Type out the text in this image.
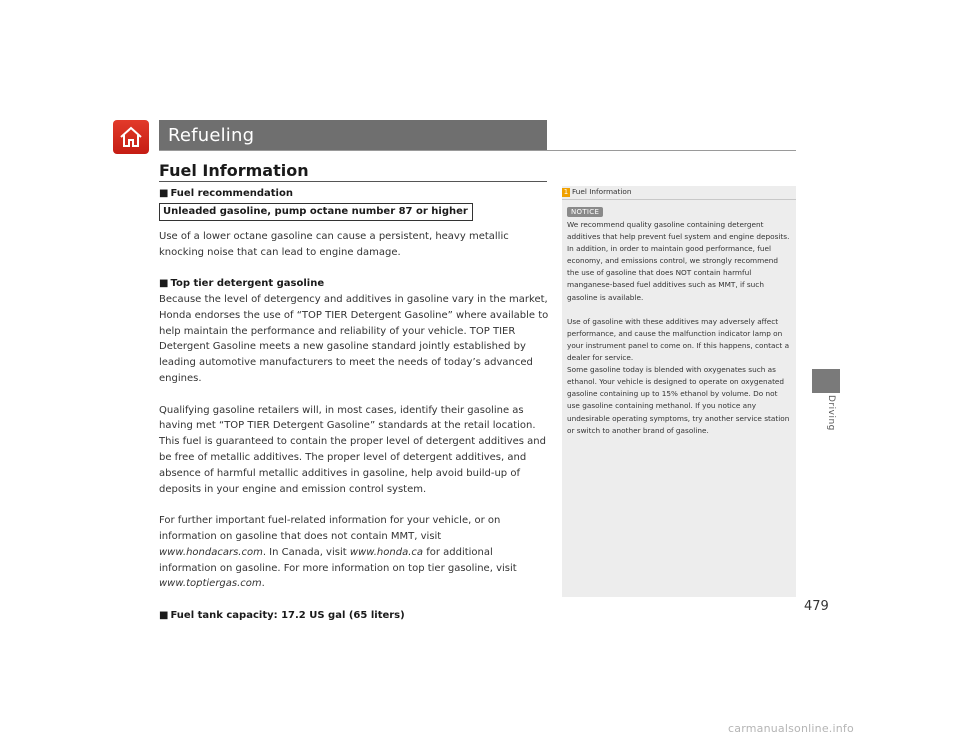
Refueling
Fuel Information

■ Fuel recommendation

Unleaded gasoline, pump octane number 87 or higher

Use of a lower octane gasoline can cause a persistent, heavy metallic knocking noise that can lead to engine damage.

■ Top tier detergent gasoline

Because the level of detergency and additives in gasoline vary in the market, Honda endorses the use of “TOP TIER Detergent Gasoline” where available to help maintain the performance and reliability of your vehicle. TOP TIER Detergent Gasoline meets a new gasoline standard jointly established by leading automotive manufacturers to meet the needs of today’s advanced engines.

Qualifying gasoline retailers will, in most cases, identify their gasoline as having met “TOP TIER Detergent Gasoline” standards at the retail location. This fuel is guaranteed to contain the proper level of detergent additives and be free of metallic additives. The proper level of detergent additives, and absence of harmful metallic additives in gasoline, help avoid build-up of deposits in your engine and emission control system.

For further important fuel-related information for your vehicle, or on information on gasoline that does not contain MMT, visit www.hondacars.com. In Canada, visit www.honda.ca for additional information on gasoline. For more information on top tier gasoline, visit www.toptiergas.com.

■ Fuel tank capacity: 17.2 US gal (65 liters)

1 Fuel Information
NOTICE

We recommend quality gasoline containing detergent additives that help prevent fuel system and engine deposits. In addition, in order to maintain good performance, fuel economy, and emissions control, we strongly recommend the use of gasoline that does NOT contain harmful manganese-based fuel additives such as MMT, if such gasoline is available.

Use of gasoline with these additives may adversely affect performance, and cause the malfunction indicator lamp on your instrument panel to come on. If this happens, contact a dealer for service.

Some gasoline today is blended with oxygenates such as ethanol. Your vehicle is designed to operate on oxygenated gasoline containing up to 15% ethanol by volume. Do not use gasoline containing methanol. If you notice any undesirable operating symptoms, try another service station or switch to another brand of gasoline.	Driving
479
carmanualsonline.info
